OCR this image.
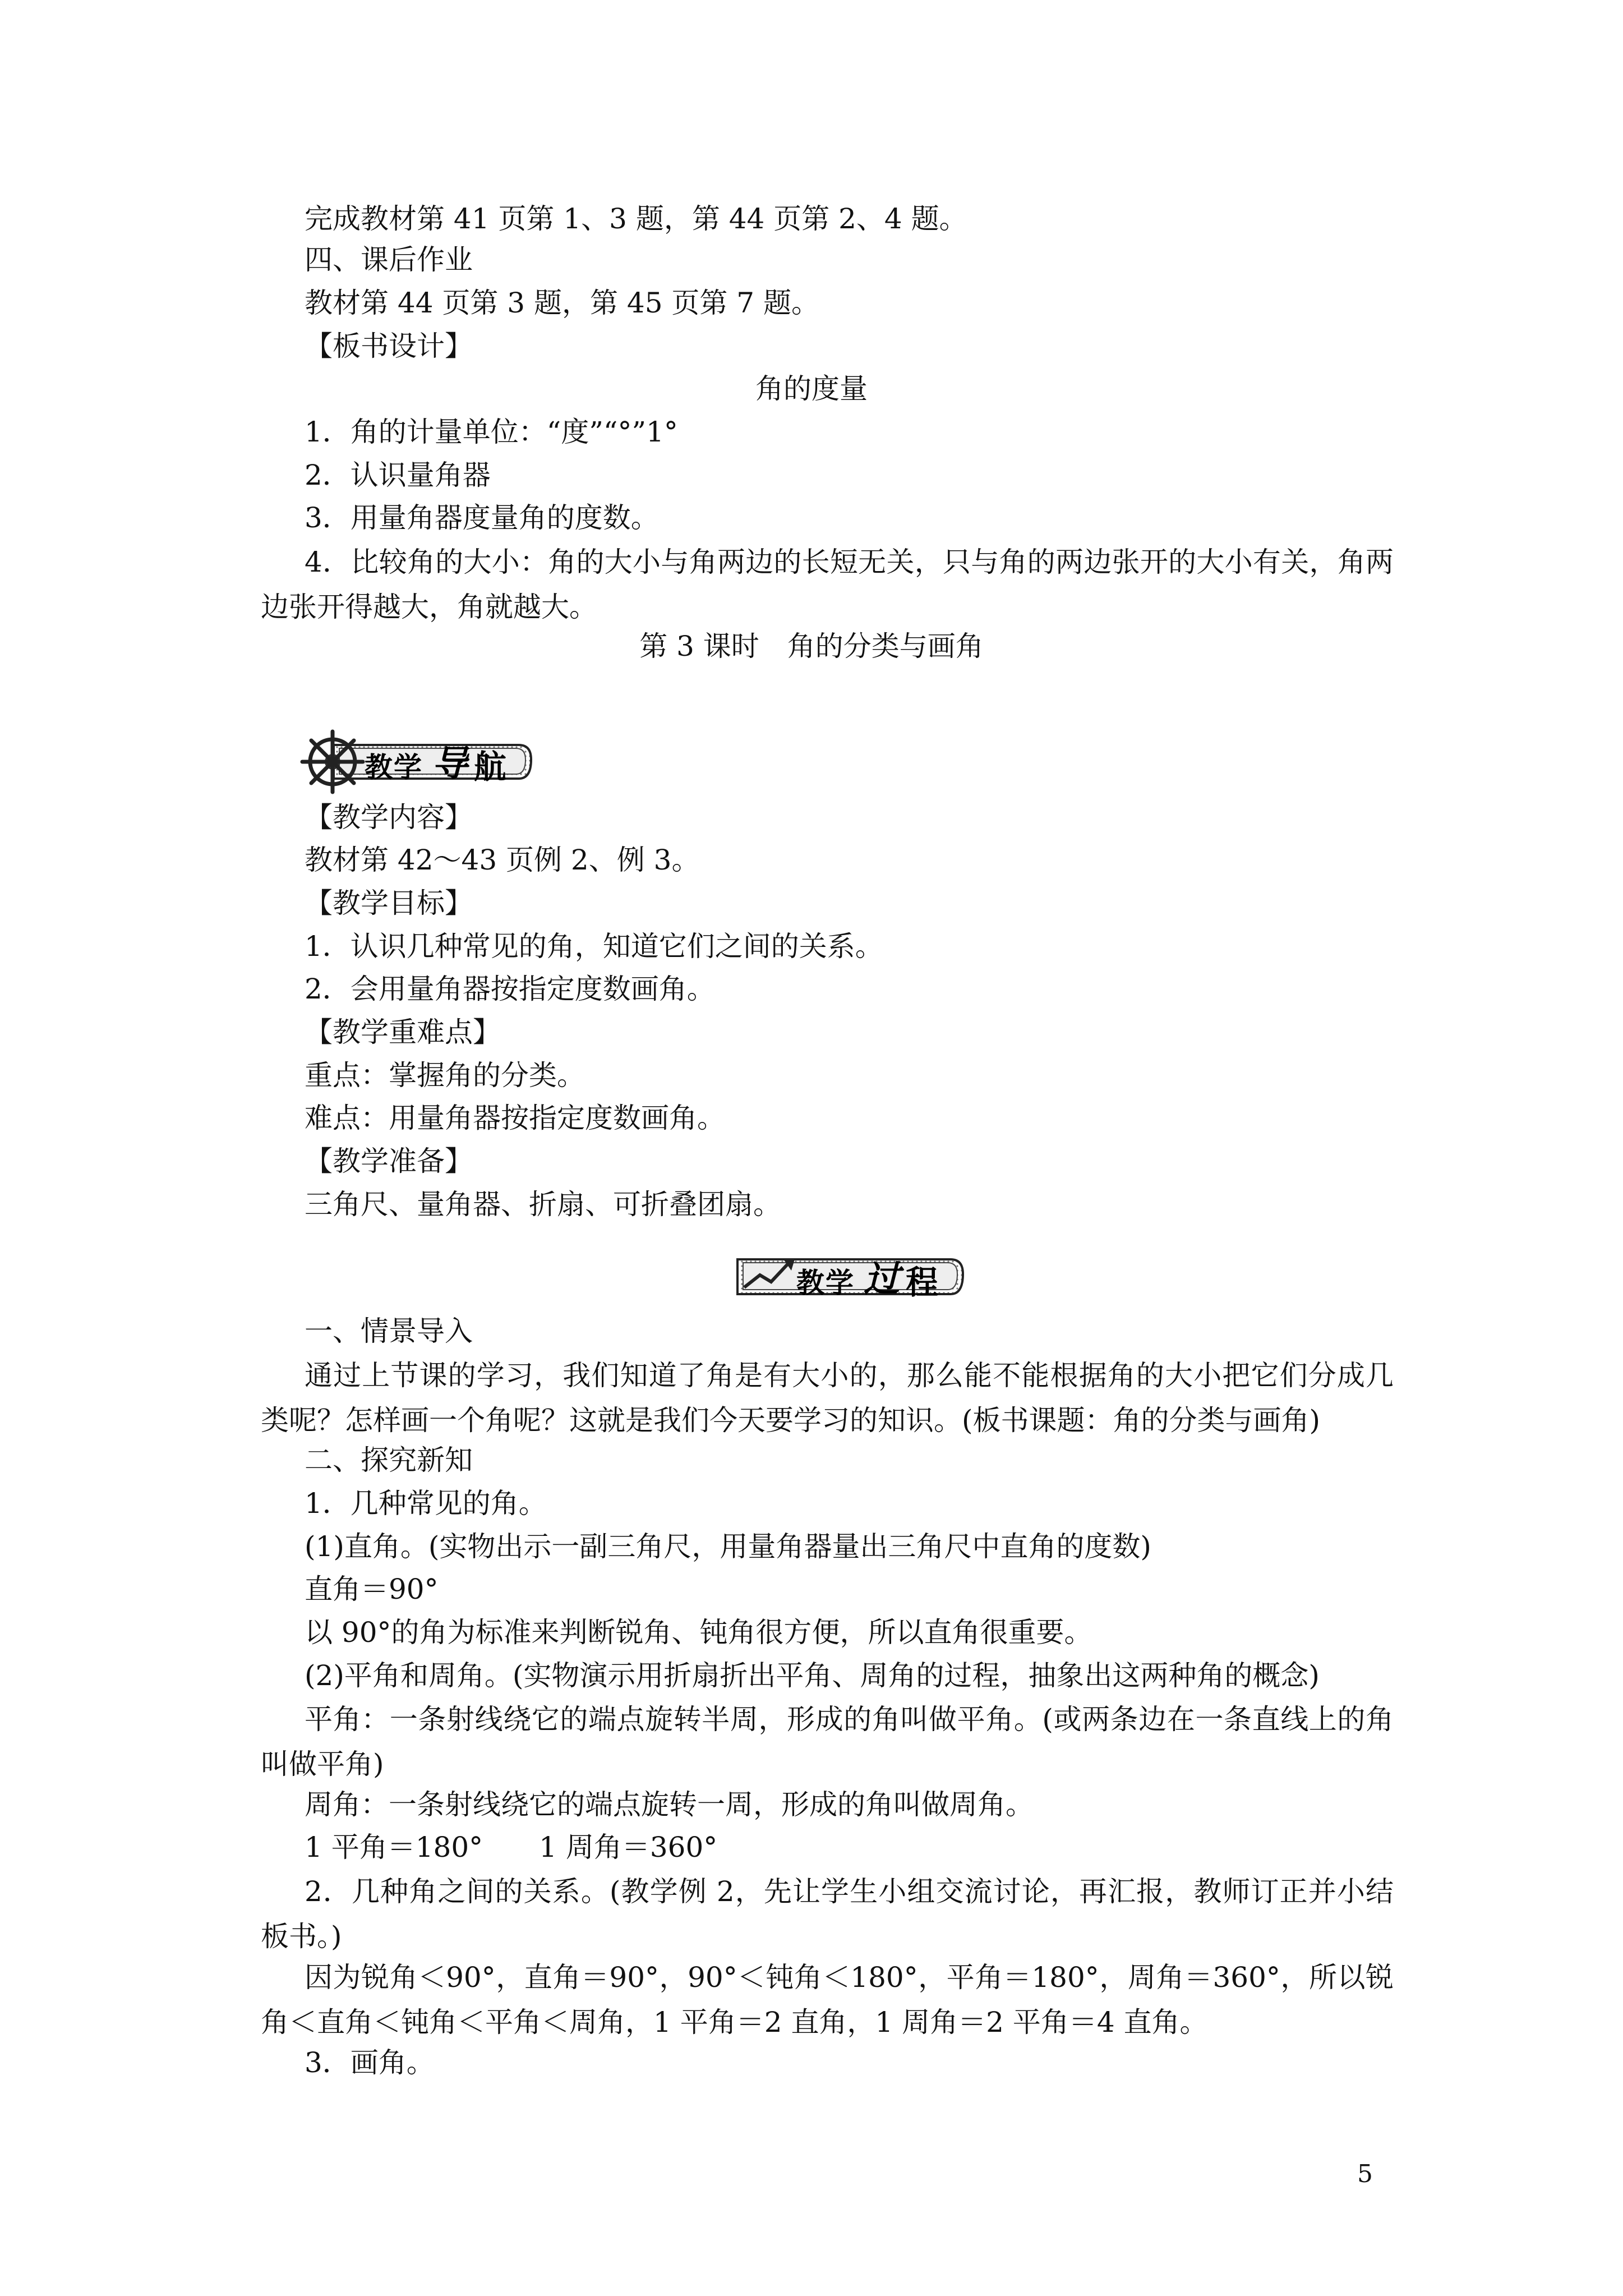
完成教材第 41 页第 1、3 题，第 44 页第 2、4 题。
四、课后作业
教材第 44 页第 3 题，第 45 页第 7 题。
【板书设计】
角的度量
1．角的计量单位：“度”“°”1°
2．认识量角器
3．用量角器度量角的度数。
4．比较角的大小：角的大小与角两边的长短无关，只与角的两边张开的大小有关，角两边张开得越大，角就越大。
第 3 课时　角的分类与画角
教学 导 航
【教学内容】
教材第 42～43 页例 2、例 3。
【教学目标】
1．认识几种常见的角，知道它们之间的关系。
2．会用量角器按指定度数画角。
【教学重难点】
重点：掌握角的分类。
难点：用量角器按指定度数画角。
【教学准备】
三角尺、量角器、折扇、可折叠团扇。
教学 过 程
一、情景导入
通过上节课的学习，我们知道了角是有大小的，那么能不能根据角的大小把它们分成几类呢？怎样画一个角呢？这就是我们今天要学习的知识。(板书课题：角的分类与画角)
二、探究新知
1．几种常见的角。
(1)直角。(实物出示一副三角尺，用量角器量出三角尺中直角的度数)
直角＝90°
以 90°的角为标准来判断锐角、钝角很方便，所以直角很重要。
(2)平角和周角。(实物演示用折扇折出平角、周角的过程，抽象出这两种角的概念)
平角：一条射线绕它的端点旋转半周，形成的角叫做平角。(或两条边在一条直线上的角叫做平角)
周角：一条射线绕它的端点旋转一周，形成的角叫做周角。
1 平角＝180°　　1 周角＝360°
2．几种角之间的关系。(教学例 2，先让学生小组交流讨论，再汇报，教师订正并小结板书。)
因为锐角＜90°，直角＝90°，90°＜钝角＜180°，平角＝180°，周角＝360°，所以锐角＜直角＜钝角＜平角＜周角，1 平角＝2 直角，1 周角＝2 平角＝4 直角。
3．画角。
5
